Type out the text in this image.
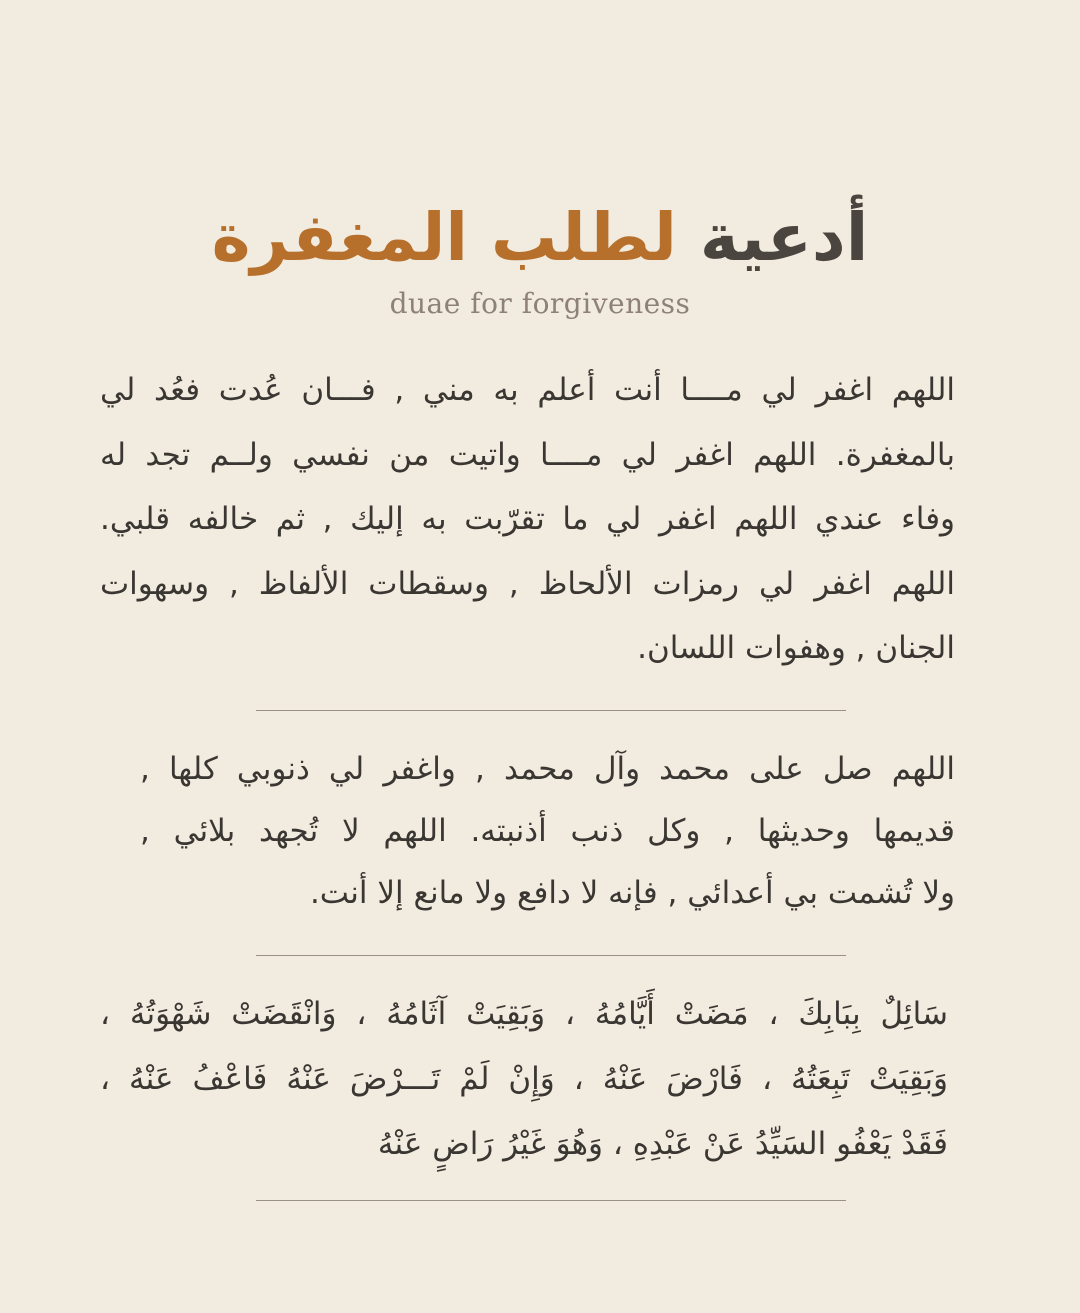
أدعية لطلب المغفرة
duae for forgiveness
اللهم اغفر لي مــــا أنت أعلم به مني , فـــان عُدت فعُد لي
بالمغفرة. اللهم اغفر لي مــــا واتيت من نفسي ولــم تجد له
وفاء عندي اللهم اغفر لي ما تقرّبت به إليك , ثم خالفه قلبي.
اللهم اغفر لي رمزات الألحاظ , وسقطات الألفاظ , وسهوات
الجنان , وهفوات اللسان.
اللهم صل على محمد وآل محمد , واغفر لي ذنوبي كلها ,
قديمها وحديثها , وكل ذنب أذنبته. اللهم لا تُجهد بلائي ,
ولا تُشمت بي أعدائي , فإنه لا دافع ولا مانع إلا أنت.
سَائِلٌ بِبَابِكَ ، مَضَتْ أَيَّامُهُ ، وَبَقِيَتْ آثَامُهُ ، وَانْقَضَتْ شَهْوَتُهُ ،
وَبَقِيَتْ تَبِعَتُهُ ، فَارْضَ عَنْهُ ، وَإِنْ لَمْ تَـــرْضَ عَنْهُ فَاعْفُ عَنْهُ ،
فَقَدْ يَعْفُو السَيِّدُ عَنْ عَبْدِهِ ، وَهُوَ غَيْرُ رَاضٍ عَنْهُ
